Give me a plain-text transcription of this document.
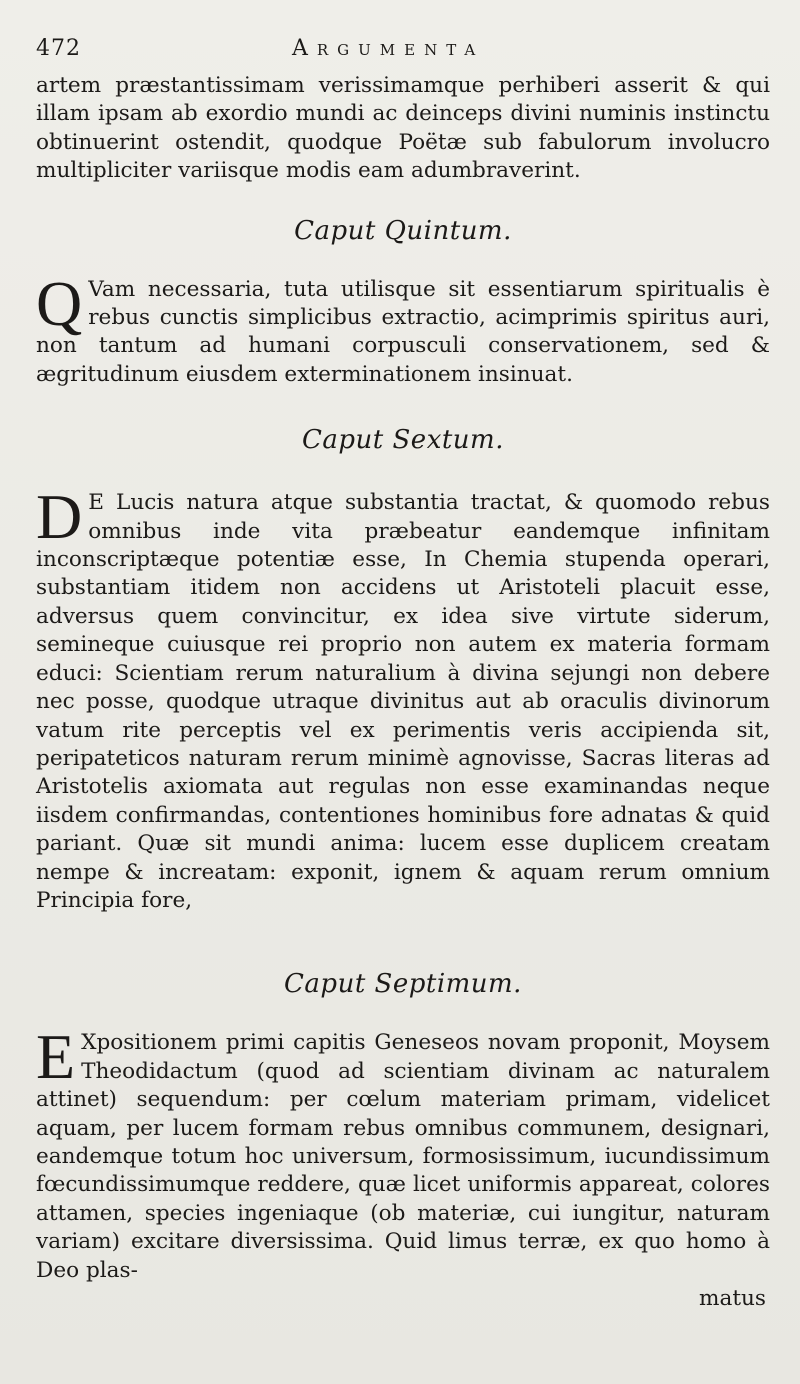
472	Argumenta

artem præstantissimam verissimamque perhiberi asserit & qui illam ipsam ab exordio mundi ac deinceps divini numinis instinctu obtinuerint ostendit, quodque Poëtæ sub fabulorum involucro multipliciter variisque modis eam adumbraverint.

Caput Quintum.

Q Vam necessaria, tuta utilisque sit essentiarum spiritualis è rebus cunctis simplicibus extractio, acimprimis spiritus auri, non tantum ad humani corpusculi conservationem, sed & ægritudinum eiusdem exterminationem insinuat.

Caput Sextum.

D E Lucis natura atque substantia tractat, & quomodo rebus omnibus inde vita præbeatur eandemque infinitam inconscriptæque potentiæ esse, In Chemia stupenda operari, substantiam itidem non accidens ut Aristoteli placuit esse, adversus quem convincitur, ex idea sive virtute siderum, semineque cuiusque rei proprio non autem ex materia formam educi: Scientiam rerum naturalium à divina sejungi non debere nec posse, quodque utraque divinitus aut ab oraculis divinorum vatum rite perceptis vel ex perimentis veris accipienda sit, peripateticos naturam rerum minimè agnovisse, Sacras literas ad Aristotelis axiomata aut regulas non esse examinandas neque iisdem confirmandas, contentiones hominibus fore adnatas & quid pariant. Quæ sit mundi anima: lucem esse duplicem creatam nempe & increatam: exponit, ignem & aquam rerum omnium Principia fore,

Caput Septimum.

E Xpositionem primi capitis Geneseos novam proponit, Moysem Theodidactum (quod ad scientiam divinam ac naturalem attinet) sequendum: per cœlum materiam primam, videlicet aquam, per lucem formam rebus omnibus communem, designari, eandemque totum hoc universum, formosissimum, iucundissimum fœcundissimumque reddere, quæ licet uniformis appareat, colores attamen, species ingeniaque (ob materiæ, cui iungitur, naturam variam) excitare diversissima. Quid limus terræ, ex quo homo à Deo plas-

matus
